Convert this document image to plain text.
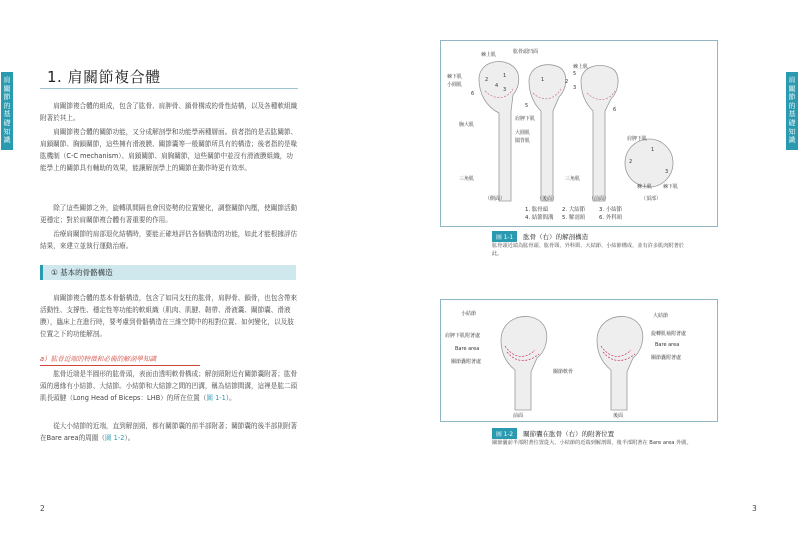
肩
關
節
的
基
礎
知
識
肩
關
節
的
基
礎
知
識
1. 肩關節複合體

肩關節複合體的組成，包含了肱骨、肩胛骨、鎖骨構成的骨性結構，以及各種軟組織附著於其上。

肩關節複合體的關節功能，又分成解剖學和功能學兩種層面。前者指的是盂肱關節、肩鎖關節、胸鎖關節，這些擁有滑液膜、關節囊等一般關節所具有的構造；後者指的是喙肱機制（C-C mechanism）、肩鎖關節、肩胸關節，這些關節中並沒有滑液膜組織，功能學上的關節具有輔助的效果，能讓解剖學上的關節在動作時更有效率。

除了這些關節之外，旋轉肌間隔也會因姿勢的位置變化，調整關節內壓，使關節活動更穩定；對於肩關節複合體有著重要的作用。

治療肩關節的肩部退化結構時，要能正確地評估各個構造的功能，如此才能根據評估結果，來建立並執行運動治療。

① 基本的骨骼構造

肩關節複合體的基本骨骼構造，包含了如同支柱的肱骨，肩胛骨、鎖骨，也包含帶來活動性、支撐性、穩定性等功能的軟組織（肌肉、肌腱、韌帶、滑液囊、關節囊、滑液膜），臨床上在進行時，要考慮到骨骼構造在三維空間中的相對位置、如何變化，以及肢位置之下的功能解剖。

a）肱骨近端的特徵和必備的解剖學知識

肱骨近端是半圓形的肱骨頭，表面由透明軟骨構成；解剖頸附近有關節囊附著；肱骨頭的邊緣有小結節、大結節。小結節和大結節之間的凹溝，稱為結節間溝，這裡是肱二頭肌長頭腱（Long Head of Biceps：LHB）的所在位置（圖 1-1）。

從大小結節的近端，直到解剖頸，都有關節囊的前半部附著；關節囊的後半部則附著在Bare area的周圍（圖 1-2）。

2
棘上肌	肱骨頭凹面
棘下肌
小圓肌
6
2
4
3
1
5
胸大肌
三角肌
肩胛下肌
大圓肌
闊背肌
三角肌
1	2
3
5
6
棘上肌
肩胛下肌
1
2
3
棘上肌 棘下肌
（側面）	（後面）	（前面）	（頂部）
1. 肱骨頭	2. 大結節	3. 小結節
4. 結節間溝 5. 解剖頸	6. 外科頸
圖 1-1 肱骨（右）的解剖構造
肱骨頭近端為肱骨頭、肱骨頸、外科頸、大結節、小結節構成，並有許多肌肉附著於此。
小結節
肩胛下肌附著處
Bare area
關節囊附著處
大結節
旋轉肌袖附著處
Bare area
關節囊附著處
關節軟骨
前面	後面
圖 1-2 關節囊在肱骨（右）的附著位置
關節囊前半部附著位置從大、小結節的近端到解剖頸，後半部附著在 Bare area 外圍。
3
